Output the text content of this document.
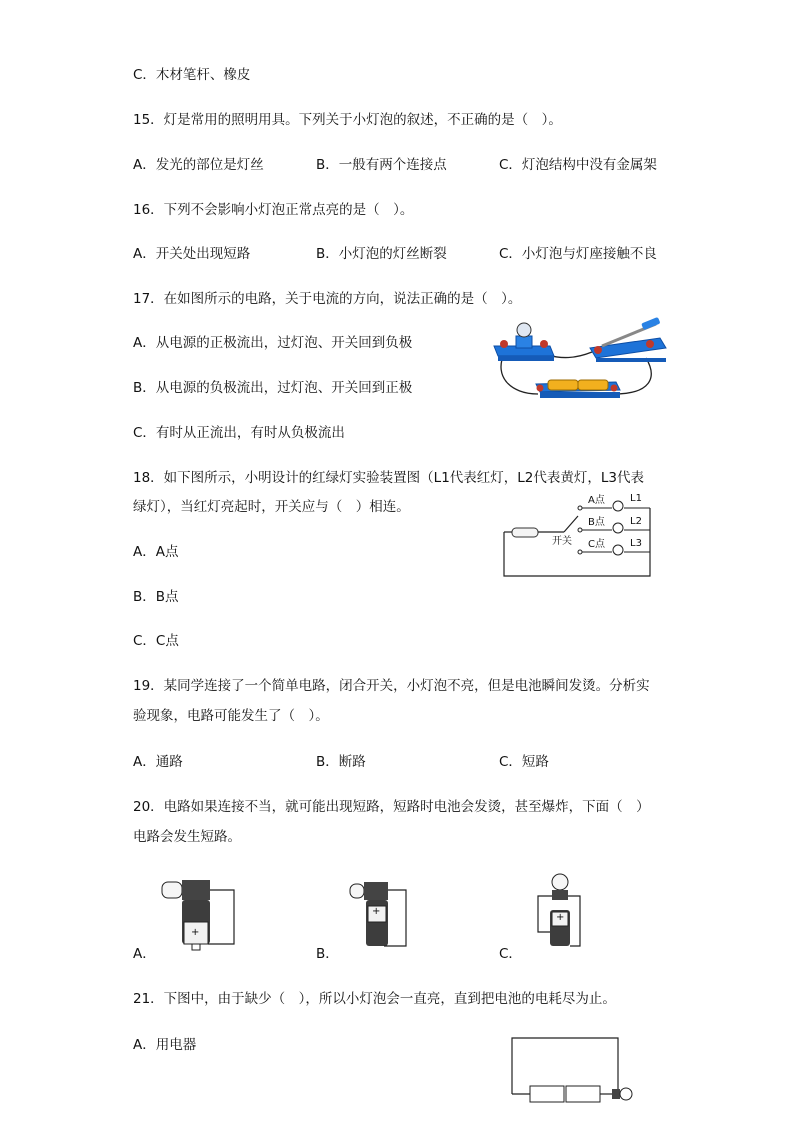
C．木材笔杆、橡皮
15．灯是常用的照明用具。下列关于小灯泡的叙述，不正确的是（　）。
A．发光的部位是灯丝	B．一般有两个连接点	C．灯泡结构中没有金属架
16．下列不会影响小灯泡正常点亮的是（　）。
A．开关处出现短路	B．小灯泡的灯丝断裂	C．小灯泡与灯座接触不良
17．在如图所示的电路，关于电流的方向，说法正确的是（　）。
A．从电源的正极流出，过灯泡、开关回到负极
B．从电源的负极流出，过灯泡、开关回到正极
C．有时从正流出，有时从负极流出
18．如下图所示，小明设计的红绿灯实验装置图（L1代表红灯，L2代表黄灯，L3代表
绿灯），当红灯亮起时，开关应与（　）相连。
A．A点
B．B点
C．C点
开关
A点
B点
C点
L1
L2
L3
19．某同学连接了一个简单电路，闭合开关，小灯泡不亮，但是电池瞬间发烫。分析实
验现象，电路可能发生了（　）。
A．通路	B．断路	C．短路
20．电路如果连接不当，就可能出现短路，短路时电池会发烫，甚至爆炸，下面（　）
电路会发生短路。
A．
+
B．
+
C．
+
21．下图中，由于缺少（　），所以小灯泡会一直亮，直到把电池的电耗尽为止。
A．用电器
